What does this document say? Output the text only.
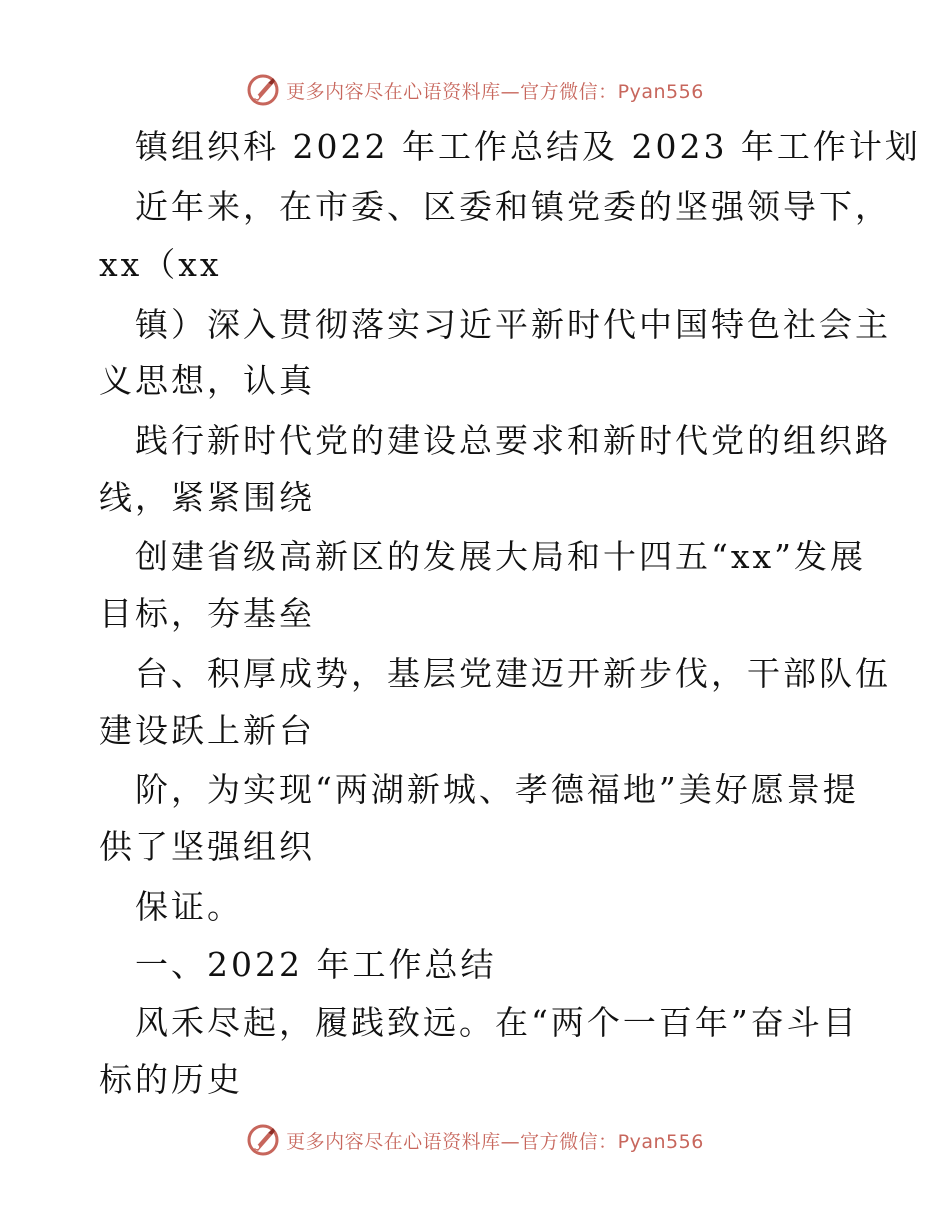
更多内容尽在心语资料库—官方微信：Pyan556
镇组织科 2022 年工作总结及 2023 年工作计划
近年来，在市委、区委和镇党委的坚强领导下，
xx（xx
镇）深入贯彻落实习近平新时代中国特色社会主
义思想，认真
践行新时代党的建设总要求和新时代党的组织路
线，紧紧围绕
创建省级高新区的发展大局和十四五“xx”发展
目标，夯基垒
台、积厚成势，基层党建迈开新步伐，干部队伍
建设跃上新台
阶，为实现“两湖新城、孝德福地”美好愿景提
供了坚强组织
保证。
一、2022 年工作总结
风禾尽起，履践致远。在“两个一百年”奋斗目
标的历史
更多内容尽在心语资料库—官方微信：Pyan556
